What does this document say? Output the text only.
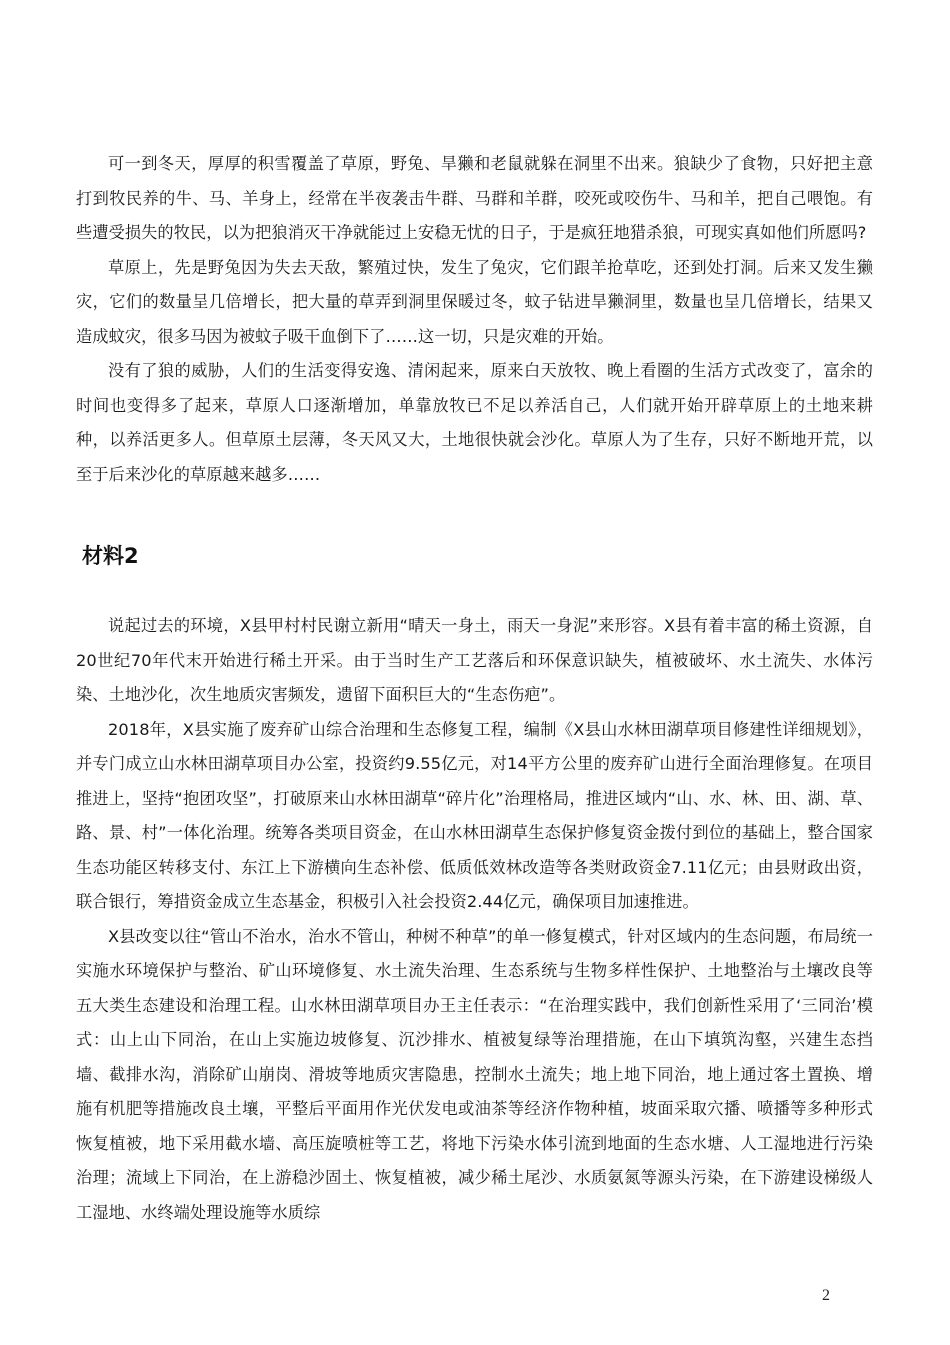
可一到冬天，厚厚的积雪覆盖了草原，野兔、旱獭和老鼠就躲在洞里不出来。狼缺少了食物，只好把主意打到牧民养的牛、马、羊身上，经常在半夜袭击牛群、马群和羊群，咬死或咬伤牛、马和羊，把自己喂饱。有些遭受损失的牧民，以为把狼消灭干净就能过上安稳无忧的日子，于是疯狂地猎杀狼，可现实真如他们所愿吗?

草原上，先是野兔因为失去天敌，繁殖过快，发生了兔灾，它们跟羊抢草吃，还到处打洞。后来又发生獭灾，它们的数量呈几倍增长，把大量的草弄到洞里保暖过冬，蚊子钻进旱獭洞里，数量也呈几倍增长，结果又造成蚊灾，很多马因为被蚊子吸干血倒下了……这一切，只是灾难的开始。

没有了狼的威胁，人们的生活变得安逸、清闲起来，原来白天放牧、晚上看圈的生活方式改变了，富余的时间也变得多了起来，草原人口逐渐增加，单靠放牧已不足以养活自己，人们就开始开辟草原上的土地来耕种，以养活更多人。但草原土层薄，冬天风又大，土地很快就会沙化。草原人为了生存，只好不断地开荒，以至于后来沙化的草原越来越多……

材料2

说起过去的环境，X县甲村村民谢立新用“晴天一身土，雨天一身泥”来形容。X县有着丰富的稀土资源，自20世纪70年代末开始进行稀土开采。由于当时生产工艺落后和环保意识缺失，植被破坏、水土流失、水体污染、土地沙化，次生地质灾害频发，遗留下面积巨大的“生态伤疤”。

2018年，X县实施了废弃矿山综合治理和生态修复工程，编制《X县山水林田湖草项目修建性详细规划》，并专门成立山水林田湖草项目办公室，投资约9.55亿元，对14平方公里的废弃矿山进行全面治理修复。在项目推进上，坚持“抱团攻坚”，打破原来山水林田湖草“碎片化”治理格局，推进区域内“山、水、林、田、湖、草、路、景、村”一体化治理。统筹各类项目资金，在山水林田湖草生态保护修复资金拨付到位的基础上，整合国家生态功能区转移支付、东江上下游横向生态补偿、低质低效林改造等各类财政资金7.11亿元；由县财政出资，联合银行，筹措资金成立生态基金，积极引入社会投资2.44亿元，确保项目加速推进。

X县改变以往“管山不治水，治水不管山，种树不种草”的单一修复模式，针对区域内的生态问题，布局统一实施水环境保护与整治、矿山环境修复、水土流失治理、生态系统与生物多样性保护、土地整治与土壤改良等五大类生态建设和治理工程。山水林田湖草项目办王主任表示：“在治理实践中，我们创新性采用了‘三同治’模式：山上山下同治，在山上实施边坡修复、沉沙排水、植被复绿等治理措施，在山下填筑沟壑，兴建生态挡墙、截排水沟，消除矿山崩岗、滑坡等地质灾害隐患，控制水土流失；地上地下同治，地上通过客土置换、增施有机肥等措施改良土壤，平整后平面用作光伏发电或油茶等经济作物种植，坡面采取穴播、喷播等多种形式恢复植被，地下采用截水墙、高压旋喷桩等工艺，将地下污染水体引流到地面的生态水塘、人工湿地进行污染治理；流域上下同治，在上游稳沙固土、恢复植被，减少稀土尾沙、水质氨氮等源头污染，在下游建设梯级人工湿地、水终端处理设施等水质综

2
